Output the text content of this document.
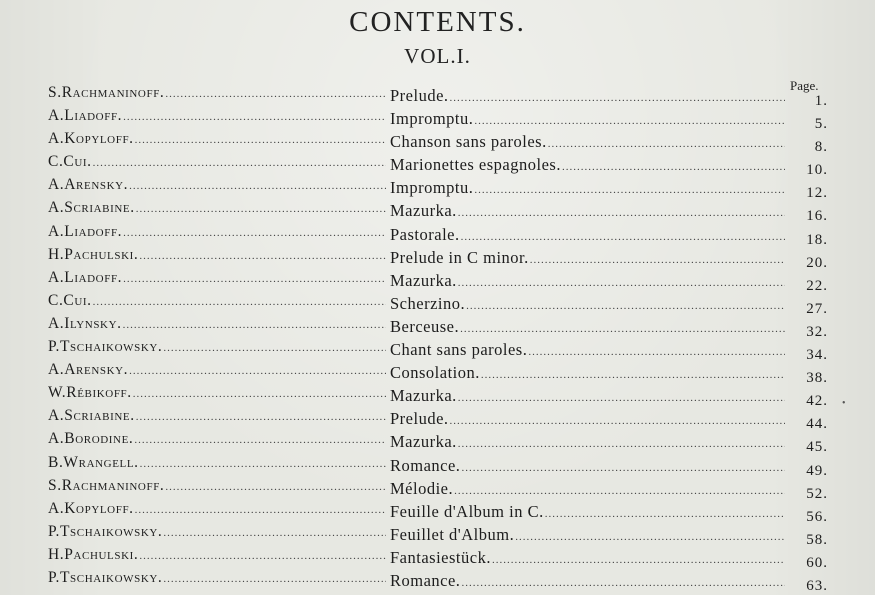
CONTENTS.
VOL.I.
Page.
S.Rachmaninoff. .....	Prelude. .....	1.
A.Liadoff. .....	Impromptu. .....	5.
A.Kopyloff. .....	Chanson sans paroles. .....	8.
C.Cui. .....	Marionettes espagnoles. .....	10.
A.Arensky. .....	Impromptu. .....	12.
A.Scriabine. .....	Mazurka. .....	16.
A.Liadoff. .....	Pastorale. .....	18.
H.Pachulski. .....	Prelude in C minor. .....	20.
A.Liadoff. .....	Mazurka. .....	22.
C.Cui. .....	Scherzino. .....	27.
A.Ilynsky. .....	Berceuse. .....	32.
P.Tschaikowsky. .....	Chant sans paroles. .....	34.
A.Arensky. .....	Consolation. .....	38.
W.Rébikoff. .....	Mazurka. .....	42.
A.Scriabine. .....	Prelude. .....	44.
A.Borodine. .....	Mazurka. .....	45.
B.Wrangell. .....	Romance. .....	49.
S.Rachmaninoff. .....	Mélodie. .....	52.
A.Kopyloff. .....	Feuille d'Album in C. .....	56.
P.Tschaikowsky. .....	Feuillet d'Album. .....	58.
H.Pachulski. .....	Fantasiestück. .....	60.
P.Tschaikowsky. .....	Romance. .....	63.
•
